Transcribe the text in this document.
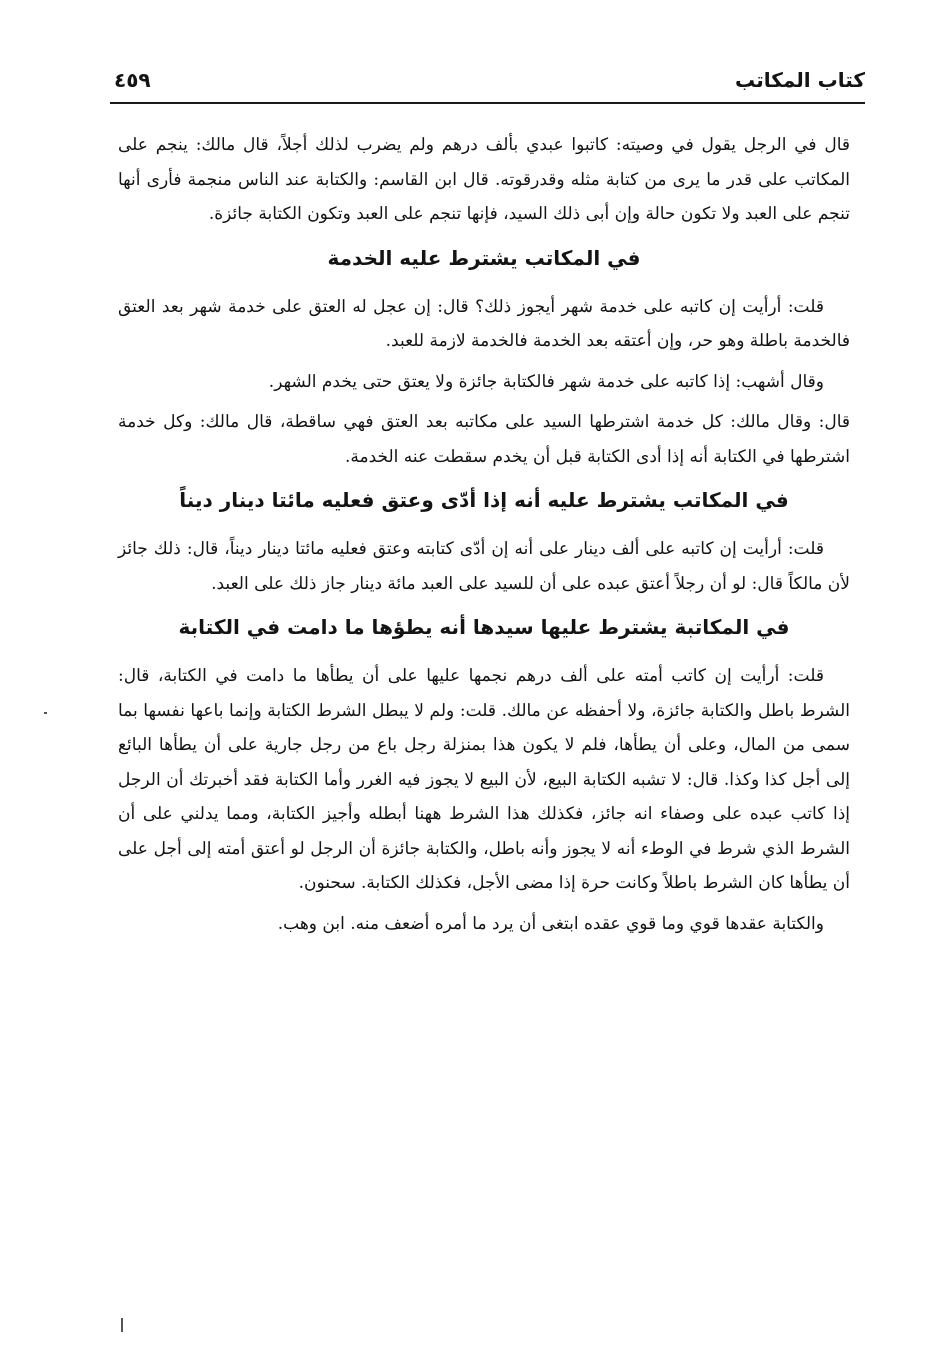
كتاب المكاتب
٤٥٩

قال في الرجل يقول في وصيته: كاتبوا عبدي بألف درهم ولم يضرب لذلك أجلاً، قال مالك: ينجم على المكاتب على قدر ما يرى من كتابة مثله وقدرقوته. قال ابن القاسم: والكتابة عند الناس منجمة فأرى أنها تنجم على العبد ولا تكون حالة وإن أبى ذلك السيد، فإنها تنجم على العبد وتكون الكتابة جائزة.

في المكاتب يشترط عليه الخدمة

قلت: أرأيت إن كاتبه على خدمة شهر أيجوز ذلك؟ قال: إن عجل له العتق على خدمة شهر بعد العتق فالخدمة باطلة وهو حر، وإن أعتقه بعد الخدمة فالخدمة لازمة للعبد.

وقال أشهب: إذا كاتبه على خدمة شهر فالكتابة جائزة ولا يعتق حتى يخدم الشهر.

قال: وقال مالك: كل خدمة اشترطها السيد على مكاتبه بعد العتق فهي ساقطة، قال مالك: وكل خدمة اشترطها في الكتابة أنه إذا أدى الكتابة قبل أن يخدم سقطت عنه الخدمة.

في المكاتب يشترط عليه أنه إذا أدّى وعتق فعليه مائتا دينار ديناً

قلت: أرأيت إن كاتبه على ألف دينار على أنه إن أدّى كتابته وعتق فعليه مائتا دينار ديناً، قال: ذلك جائز لأن مالكاً قال: لو أن رجلاً أعتق عبده على أن للسيد على العبد مائة دينار جاز ذلك على العبد.

في المكاتبة يشترط عليها سيدها أنه يطؤها ما دامت في الكتابة

قلت: أرأيت إن كاتب أمته على ألف درهم نجمها عليها على أن يطأها ما دامت في الكتابة، قال: الشرط باطل والكتابة جائزة، ولا أحفظه عن مالك. قلت: ولم لا يبطل الشرط الكتابة وإنما باعها نفسها بما سمى من المال، وعلى أن يطأها، فلم لا يكون هذا بمنزلة رجل باع من رجل جارية على أن يطأها البائع إلى أجل كذا وكذا. قال: لا تشبه الكتابة البيع، لأن البيع لا يجوز فيه الغرر وأما الكتابة فقد أخبرتك أن الرجل إذا كاتب عبده على وصفاء انه جائز، فكذلك هذا الشرط ههنا أبطله وأجيز الكتابة، ومما يدلني على أن الشرط الذي شرط في الوطء أنه لا يجوز وأنه باطل، والكتابة جائزة أن الرجل لو أعتق أمته إلى أجل على أن يطأها كان الشرط باطلاً وكانت حرة إذا مضى الأجل، فكذلك الكتابة. سحنون.

والكتابة عقدها قوي وما قوي عقده ابتغى أن يرد ما أمره أضعف منه. ابن وهب.
